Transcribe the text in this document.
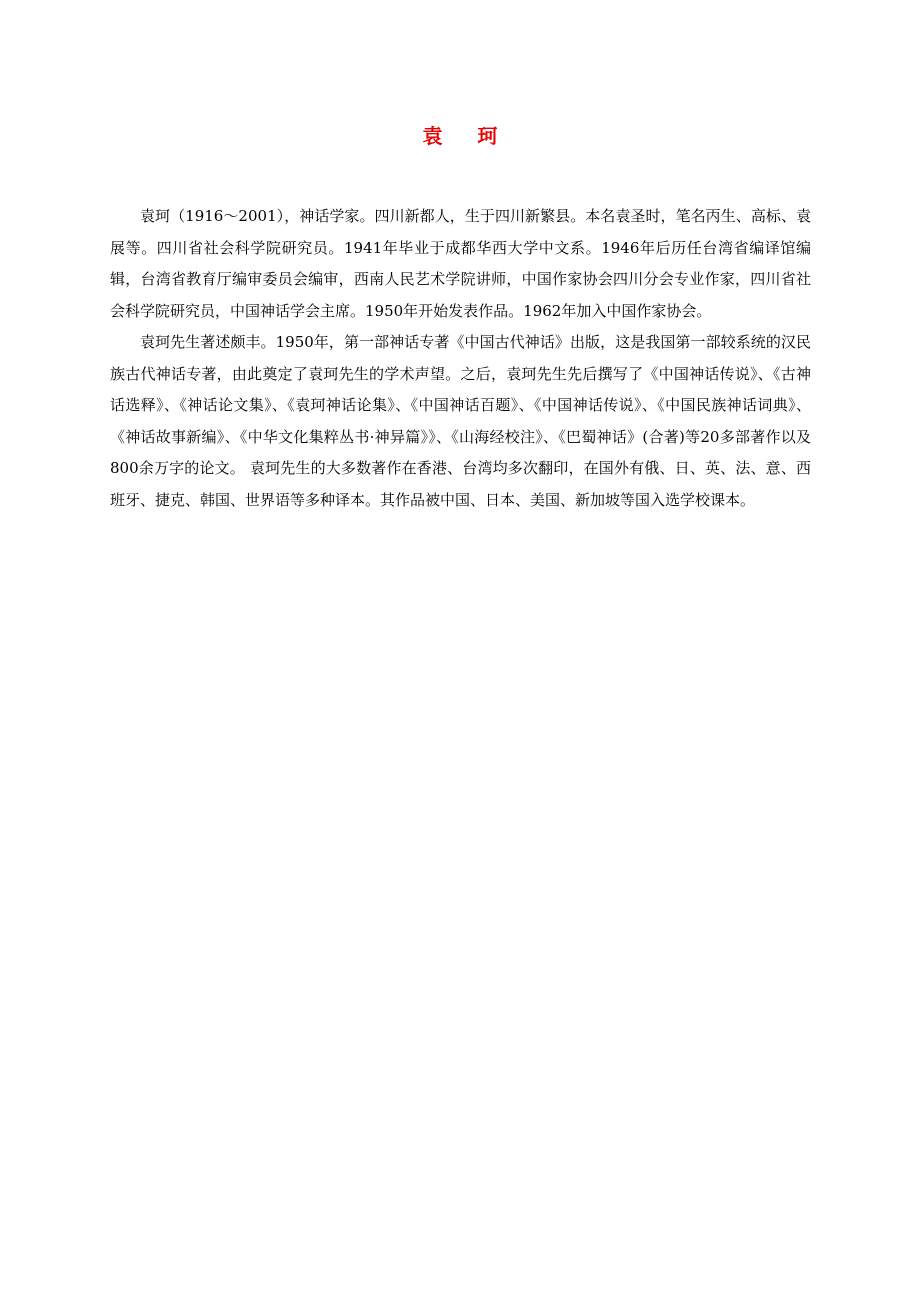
袁 珂

袁珂（1916～2001），神话学家。四川新都人，生于四川新繁县。本名袁圣时，笔名丙生、高标、袁展等。四川省社会科学院研究员。1941年毕业于成都华西大学中文系。1946年后历任台湾省编译馆编辑，台湾省教育厅编审委员会编审，西南人民艺术学院讲师，中国作家协会四川分会专业作家，四川省社会科学院研究员，中国神话学会主席。1950年开始发表作品。1962年加入中国作家协会。

袁珂先生著述颇丰。1950年，第一部神话专著《中国古代神话》出版，这是我国第一部较系统的汉民族古代神话专著，由此奠定了袁珂先生的学术声望。之后，袁珂先生先后撰写了《中国神话传说》、《古神话选释》、《神话论文集》、《袁珂神话论集》、《中国神话百题》、《中国神话传说》、《中国民族神话词典》、《神话故事新编》、《中华文化集粹丛书·神异篇》》、《山海经校注》、《巴蜀神话》(合著)等20多部著作以及800余万字的论文。 袁珂先生的大多数著作在香港、台湾均多次翻印，在国外有俄、日、英、法、意、西班牙、捷克、韩国、世界语等多种译本。其作品被中国、日本、美国、新加坡等国入选学校课本。
